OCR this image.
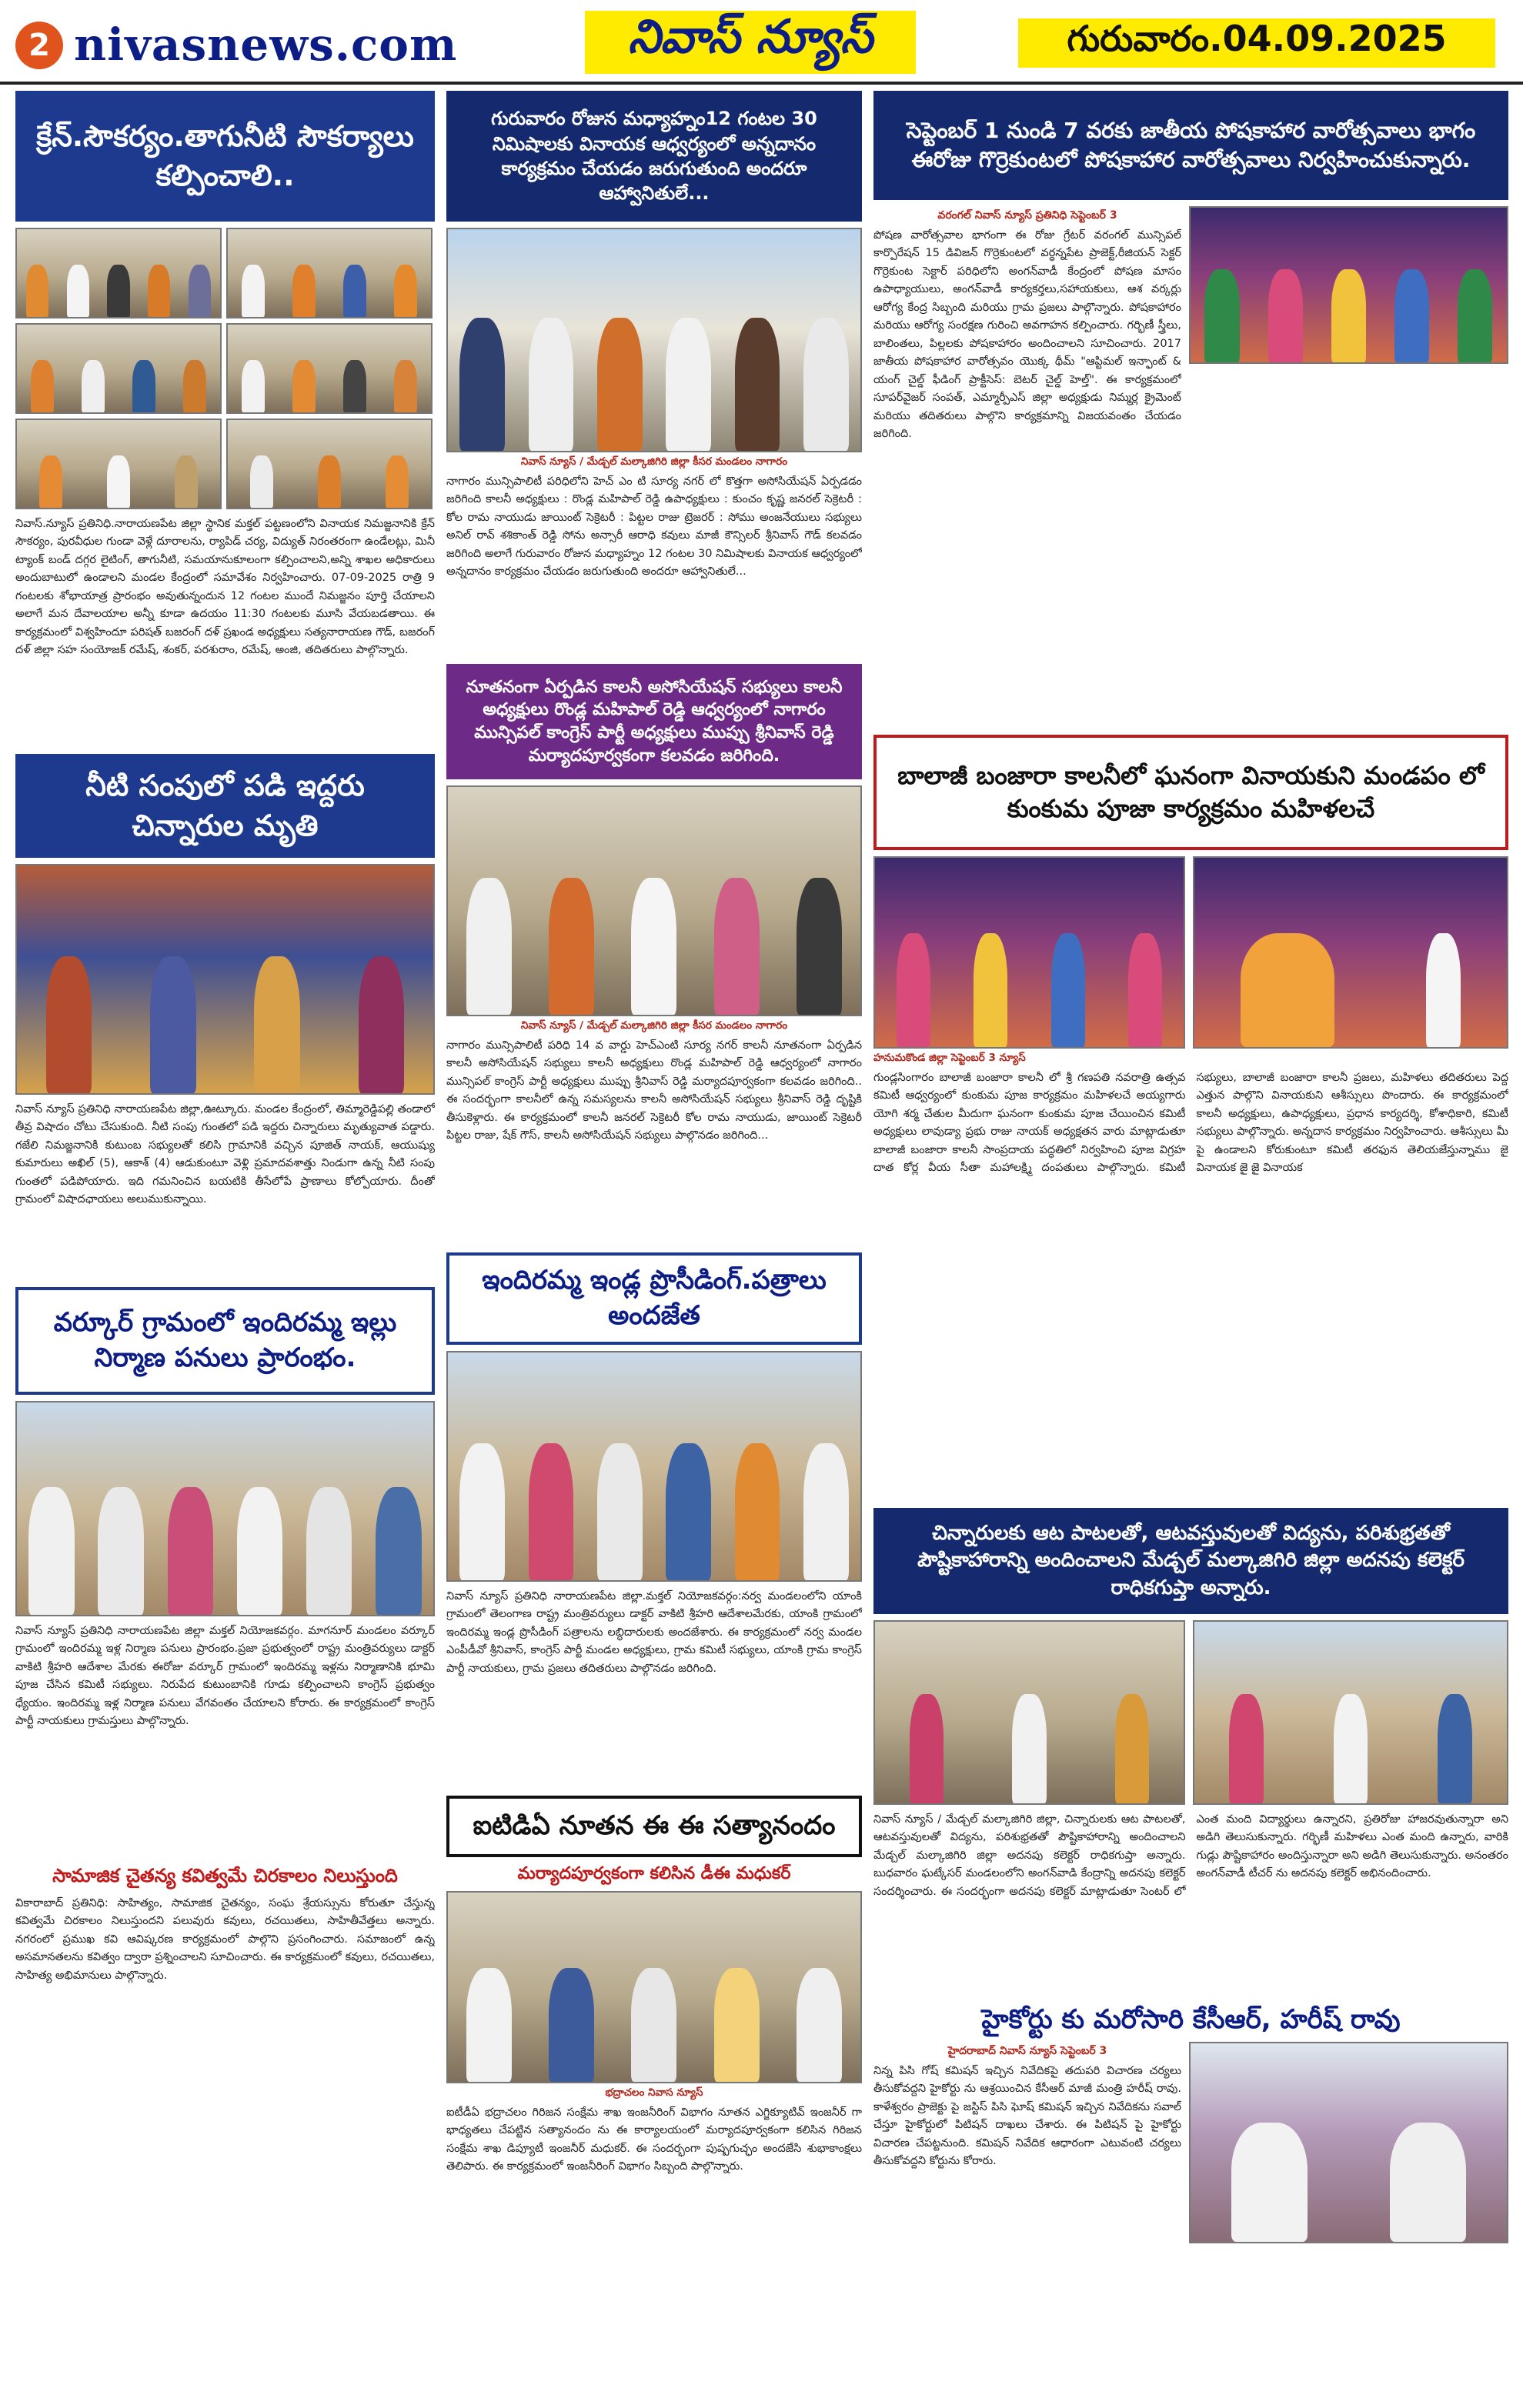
2 nivasnews.com	నివాస్ న్యూస్	గురువారం.04.09.2025
క్రేన్.సౌకర్యం.తాగునీటి సౌకర్యాలు కల్పించాలి..
నివాస్.న్యూస్ ప్రతినిధి.నారాయణపేట జిల్లా స్థానిక మక్తల్ పట్టణంలోని వినాయక నిమజ్జనానికి క్రేన్ సౌకర్యం, పురవీధుల గుండా వెళ్లే దూరాలను, ర్యాపిడ్ చర్య, విద్యుత్ నిరంతరంగా ఉండేలట్లు, మినీ ట్యాంక్ బండ్ దగ్గర లైటింగ్, తాగునీటి, సమయానుకూలంగా కల్పించాలని,అన్ని శాఖల అధికారులు అందుబాటులో ఉండాలని మండల కేంద్రంలో సమావేశం నిర్వహించారు. 07-09-2025 రాత్రి 9 గంటలకు శోభాయాత్ర ప్రారంభం అవుతున్నందున 12 గంటల ముందే నిమజ్జనం పూర్తి చేయాలని అలాగే మన దేవాలయాల అన్నీ కూడా ఉదయం 11:30 గంటలకు మూసి వేయబడతాయి. ఈ కార్యక్రమంలో విశ్వహిందూ పరిషత్ బజరంగ్ దళ్ ప్రఖండ అధ్యక్షులు సత్యనారాయణ గౌడ్, బజరంగ్ దళ్ జిల్లా సహ సంయోజక్ రమేష్, శంకర్, పరశురాం, రమేష్, అంజి, తదితరులు పాల్గొన్నారు.
నీటి సంపులో పడి ఇద్దరు చిన్నారుల మృతి
నివాస్ న్యూస్ ప్రతినిధి నారాయణపేట జిల్లా,ఊట్కూరు. మండల కేంద్రంలో, తిమ్మారెడ్డిపల్లి తండాలో తీవ్ర విషాదం చోటు చేసుకుంది. నీటి సంపు గుంతలో పడి ఇద్దరు చిన్నారులు మృత్యువాత పడ్డారు. గజేలి నిమజ్జనానికి కుటుంబ సభ్యులతో కలిసి గ్రామానికి వచ్చిన పూజిత్ నాయక్, ఆయుష్యు కుమారులు అఖిల్ (5), ఆకాశ్ (4) ఆడుకుంటూ వెళ్లి ప్రమాదవశాత్తు నిండుగా ఉన్న నీటి సంపు గుంతలో పడిపోయారు. ఇది గమనించిన బయటికి తీసేలోపే ప్రాణాలు కోల్పోయారు. దీంతో గ్రామంలో విషాదఛాయలు అలుముకున్నాయి.
వర్కూర్ గ్రామంలో ఇందిరమ్మ ఇల్లు నిర్మాణ పనులు ప్రారంభం.
నివాస్ న్యూస్ ప్రతినిధి నారాయణపేట జిల్లా మక్తల్ నియోజకవర్గం. మాగనూర్ మండలం వర్కూర్ గ్రామంలో ఇందిరమ్మ ఇళ్ల నిర్మాణ పనులు ప్రారంభం.ప్రజా ప్రభుత్వంలో రాష్ట్ర మంత్రివర్యులు డాక్టర్ వాకిటి శ్రీహరి ఆదేశాల మేరకు ఈరోజు వర్కూర్ గ్రామంలో ఇందిరమ్మ ఇళ్లను నిర్మాణానికి భూమి పూజ చేసిన కమిటీ సభ్యులు. నిరుపేద కుటుంబానికి గూడు కల్పించాలని కాంగ్రెస్ ప్రభుత్వం ధ్యేయం. ఇందిరమ్మ ఇళ్ల నిర్మాణ పనులు వేగవంతం చేయాలని కోరారు. ఈ కార్యక్రమంలో కాంగ్రెస్ పార్టీ నాయకులు గ్రామస్తులు పాల్గొన్నారు.
సామాజిక చైతన్య కవిత్వమే చిరకాలం నిలుస్తుంది
వికారాబాద్ ప్రతినిధి: సాహిత్యం, సామాజిక చైతన్యం, సంఘ శ్రేయస్సును కోరుతూ చేస్తున్న కవిత్వమే చిరకాలం నిలుస్తుందని పలువురు కవులు, రచయితలు, సాహితీవేత్తలు అన్నారు. నగరంలో ప్రముఖ కవి ఆవిష్కరణ కార్యక్రమంలో పాల్గొని ప్రసంగించారు. సమాజంలో ఉన్న అసమానతలను కవిత్వం ద్వారా ప్రశ్నించాలని సూచించారు. ఈ కార్యక్రమంలో కవులు, రచయితలు, సాహిత్య అభిమానులు పాల్గొన్నారు.
గురువారం రోజున మధ్యాహ్నం12 గంటల 30 నిమిషాలకు వినాయక ఆధ్వర్యంలో అన్నదానం కార్యక్రమం చేయడం జరుగుతుంది అందరూ ఆహ్వానితులే...
నివాస్ న్యూస్ / మేడ్చల్ మల్కాజిగిరి జిల్లా కీసర మండలం నాగారం
నాగారం మున్సిపాలిటీ పరిధిలోని హెచ్ ఎం టి సూర్య నగర్ లో కొత్తగా అసోసియేషన్ ఏర్పడడం జరిగింది కాలనీ అధ్యక్షులు : రొండ్ల మహిపాల్ రెడ్డి ఉపాధ్యక్షులు : కుంచం కృష్ణ జనరల్ సెక్రెటరీ : కోల రామ నాయుడు జాయింట్ సెక్రెటరీ : పిట్టల రాజు ట్రెజరర్ : సోము అంజనేయులు సభ్యులు అనిల్ రావ్ శశికాంత్ రెడ్డి సోను అన్సారీ ఆరాధి కవులు మాజీ కౌన్సిలర్ శ్రీనివాస్ గౌడ్ కలవడం జరిగింది అలాగే గురువారం రోజున మధ్యాహ్నం 12 గంటల 30 నిమిషాలకు వినాయక ఆధ్వర్యంలో అన్నదానం కార్యక్రమం చేయడం జరుగుతుంది అందరూ ఆహ్వానితులే...
నూతనంగా ఏర్పడిన కాలనీ అసోసియేషన్ సభ్యులు కాలనీ అధ్యక్షులు రొండ్ల మహిపాల్ రెడ్డి ఆధ్వర్యంలో నాగారం మున్సిపల్ కాంగ్రెస్ పార్టీ అధ్యక్షులు ముప్పు శ్రీనివాస్ రెడ్డి మర్యాదపూర్వకంగా కలవడం జరిగింది.
నివాస్ న్యూస్ / మేడ్చల్ మల్కాజిగిరి జిల్లా కీసర మండలం నాగారం
నాగారం మున్సిపాలిటీ పరిధి 14 వ వార్డు హెచ్ఎంటి సూర్య నగర్ కాలనీ నూతనంగా ఏర్పడిన కాలనీ అసోసియేషన్ సభ్యులు కాలనీ అధ్యక్షులు రొండ్ల మహిపాల్ రెడ్డి ఆధ్వర్యంలో నాగారం మున్సిపల్ కాంగ్రెస్ పార్టీ అధ్యక్షులు ముప్పు శ్రీనివాస్ రెడ్డి మర్యాదపూర్వకంగా కలవడం జరిగింది.. ఈ సందర్భంగా కాలనీలో ఉన్న సమస్యలను కాలనీ అసోసియేషన్ సభ్యులు శ్రీనివాస్ రెడ్డి దృష్టికి తీసుకెళ్లారు. ఈ కార్యక్రమంలో కాలనీ జనరల్ సెక్రెటరీ కోల రామ నాయుడు, జాయింట్ సెక్రెటరీ పిట్టల రాజు, షేక్ గౌస్, కాలనీ అసోసియేషన్ సభ్యులు పాల్గొనడం జరిగింది...
ఇందిరమ్మ ఇండ్ల ప్రొసీడింగ్.పత్రాలు అందజేత
నివాస్ న్యూస్ ప్రతినిధి నారాయణపేట జిల్లా.మక్తల్ నియోజకవర్గం:నర్వ మండలంలోని యాంకి గ్రామంలో తెలంగాణ రాష్ట్ర మంత్రివర్యులు డాక్టర్ వాకిటి శ్రీహరి ఆదేశాలమేరకు, యాంకి గ్రామంలో ఇందిరమ్మ ఇండ్ల ప్రొసీడింగ్ పత్రాలను లబ్ధిదారులకు అందజేశారు. ఈ కార్యక్రమంలో నర్వ మండల ఎంపీడీవో శ్రీనివాస్, కాంగ్రెస్ పార్టీ మండల అధ్యక్షులు, గ్రామ కమిటీ సభ్యులు, యాంకి గ్రామ కాంగ్రెస్ పార్టీ నాయకులు, గ్రామ ప్రజలు తదితరులు పాల్గొనడం జరిగింది.
ఐటిడిఏ నూతన ఈ ఈ సత్యానందం
మర్యాదపూర్వకంగా కలిసిన డీఈ మధుకర్
భద్రాచలం నివాస న్యూస్
ఐటీడీఏ భద్రాచలం గిరిజన సంక్షేమ శాఖ ఇంజనీరింగ్ విభాగం నూతన ఎగ్జిక్యూటివ్ ఇంజనీర్ గా భాధ్యతలు చేపట్టిన సత్యానందం ను ఈ కార్యాలయంలో మర్యాదపూర్వకంగా కలిసిన గిరిజన సంక్షేమ శాఖ డిప్యూటీ ఇంజనీర్ మధుకర్. ఈ సందర్భంగా పుష్పగుచ్ఛం అందజేసి శుభాకాంక్షలు తెలిపారు. ఈ కార్యక్రమంలో ఇంజనీరింగ్ విభాగం సిబ్బంది పాల్గొన్నారు.
సెప్టెంబర్ 1 నుండి 7 వరకు జాతీయ పోషకాహార వారోత్సవాలు భాగం ఈరోజు గొర్రెకుంటలో పోషకాహార వారోత్సవాలు నిర్వహించుకున్నారు.
వరంగల్ నివాస్ న్యూస్ ప్రతినిధి సెప్టెంబర్ 3
పోషణ వారోత్సవాల భాగంగా ఈ రోజు గ్రేటర్ వరంగల్ మున్సిపల్ కార్పొరేషన్ 15 డివిజన్ గొర్రెకుంటలో వర్ధన్నపేట ప్రాజెక్ట్,రీజియన్ సెక్టర్ గొర్రెకుంట సెక్టార్ పరిధిలోని అంగన్‌వాడీ కేంద్రంలో పోషణ మాసం ఉపాధ్యాయులు, అంగన్‌వాడీ కార్యకర్తలు,సహాయకులు, ఆశ వర్కర్లు ఆరోగ్య కేంద్ర సిబ్బంది మరియు గ్రామ ప్రజలు పాల్గొన్నారు. పోషకాహారం మరియు ఆరోగ్య సంరక్షణ గురించి అవగాహన కల్పించారు. గర్భిణీ స్త్రీలు, బాలింతలు, పిల్లలకు పోషకాహారం అందించాలని సూచించారు. 2017 జాతీయ పోషకాహార వారోత్సవం యొక్క థీమ్ "ఆప్టిమల్ ఇన్ఫాంట్ & యంగ్ చైల్డ్ ఫీడింగ్ ప్రాక్టీసెస్: బెటర్ చైల్డ్ హెల్త్". ఈ కార్యక్రమంలో సూపర్‌వైజర్ సంపత్, ఎమ్మార్పీఎస్ జిల్లా అధ్యక్షుడు నిమ్మర్ల క్రైమెంట్ మరియు తదితరులు పాల్గొని కార్యక్రమాన్ని విజయవంతం చేయడం జరిగింది.
బాలాజీ బంజారా కాలనీలో ఘనంగా వినాయకుని మండపం లో కుంకుమ పూజా కార్యక్రమం మహిళలచే
హనుమకొండ జిల్లా సెప్టెంబర్ 3 న్యూస్
గుండ్లసింగారం బాలాజీ బంజారా కాలనీ లో శ్రీ గణపతి నవరాత్రి ఉత్సవ కమిటీ ఆధ్వర్యంలో కుంకుమ పూజ కార్యక్రమం మహిళలచే అయ్యగారు యోగి శర్మ చేతుల మీదుగా ఘనంగా కుంకుమ పూజ చేయించిన కమిటీ అధ్యక్షులు లావుడ్యా ప్రభు రాజు నాయక్ అధ్యక్షతన వారు మాట్లాడుతూ బాలాజీ బంజారా కాలనీ సాంప్రదాయ పద్ధతిలో నిర్వహించి పూజ విగ్రహ దాత కోర్ల వీయ సీతా మహాలక్ష్మి దంపతులు పాల్గొన్నారు. కమిటీ సభ్యులు, బాలాజీ బంజారా కాలనీ ప్రజలు, మహిళలు తదితరులు పెద్ద ఎత్తున పాల్గొని వినాయకుని ఆశీస్సులు పొందారు. ఈ కార్యక్రమంలో కాలనీ అధ్యక్షులు, ఉపాధ్యక్షులు, ప్రధాన కార్యదర్శి, కోశాధికారి, కమిటీ సభ్యులు పాల్గొన్నారు. అన్నదాన కార్యక్రమం నిర్వహించారు. ఆశీస్సులు మీ పై ఉండాలని కోరుకుంటూ కమిటీ తరఫున తెలియజేస్తున్నాము జై వినాయక జై జై వినాయక
చిన్నారులకు ఆట పాటలతో, ఆటవస్తువులతో విద్యను, పరిశుభ్రతతో పౌష్టికాహారాన్ని అందించాలని మేడ్చల్ మల్కాజిగిరి జిల్లా అదనపు కలెక్టర్ రాధికగుప్తా అన్నారు.
నివాస్ న్యూస్ / మేడ్చల్ మల్కాజిగిరి జిల్లా, చిన్నారులకు ఆట పాటలతో, ఆటవస్తువులతో విద్యను, పరిశుభ్రతతో పౌష్టికాహారాన్ని అందించాలని మేడ్చల్ మల్కాజిగిరి జిల్లా అదనపు కలెక్టర్ రాధికగుప్తా అన్నారు. బుధవారం ఘట్కేసర్ మండలంలోని అంగన్‌వాడి కేంద్రాన్ని అదనపు కలెక్టర్ సందర్శించారు. ఈ సందర్భంగా అదనపు కలెక్టర్ మాట్లాడుతూ సెంటర్ లో ఎంత మంది విద్యార్థులు ఉన్నారని, ప్రతిరోజు హాజరవుతున్నారా అని అడిగి తెలుసుకున్నారు. గర్భిణీ మహిళలు ఎంత మంది ఉన్నారు, వారికి గుడ్లు పౌష్టికాహారం అందిస్తున్నారా అని అడిగి తెలుసుకున్నారు. అనంతరం అంగన్‌వాడీ టీచర్ ను అదనపు కలెక్టర్ అభినందించారు.
హైకోర్టు కు మరోసారి కేసీఆర్, హరీష్ రావు
హైదరాబాద్ నివాస్ న్యూస్ సెప్టెంబర్ 3
నిన్న పిసి గోష్ కమిషన్ ఇచ్చిన నివేదికపై తదుపరి విచారణ చర్యలు తీసుకోవద్దని హైకోర్టు ను ఆశ్రయించిన కేసీఆర్ మాజీ మంత్రి హరీష్ రావు. కాళేశ్వరం ప్రాజెక్టు పై జస్టిస్ పిసి ఘోష్ కమిషన్ ఇచ్చిన నివేదికను సవాల్ చేస్తూ హైకోర్టులో పిటిషన్ దాఖలు చేశారు. ఈ పిటిషన్ పై హైకోర్టు విచారణ చేపట్టనుంది. కమిషన్ నివేదిక ఆధారంగా ఎటువంటి చర్యలు తీసుకోవద్దని కోర్టును కోరారు.
